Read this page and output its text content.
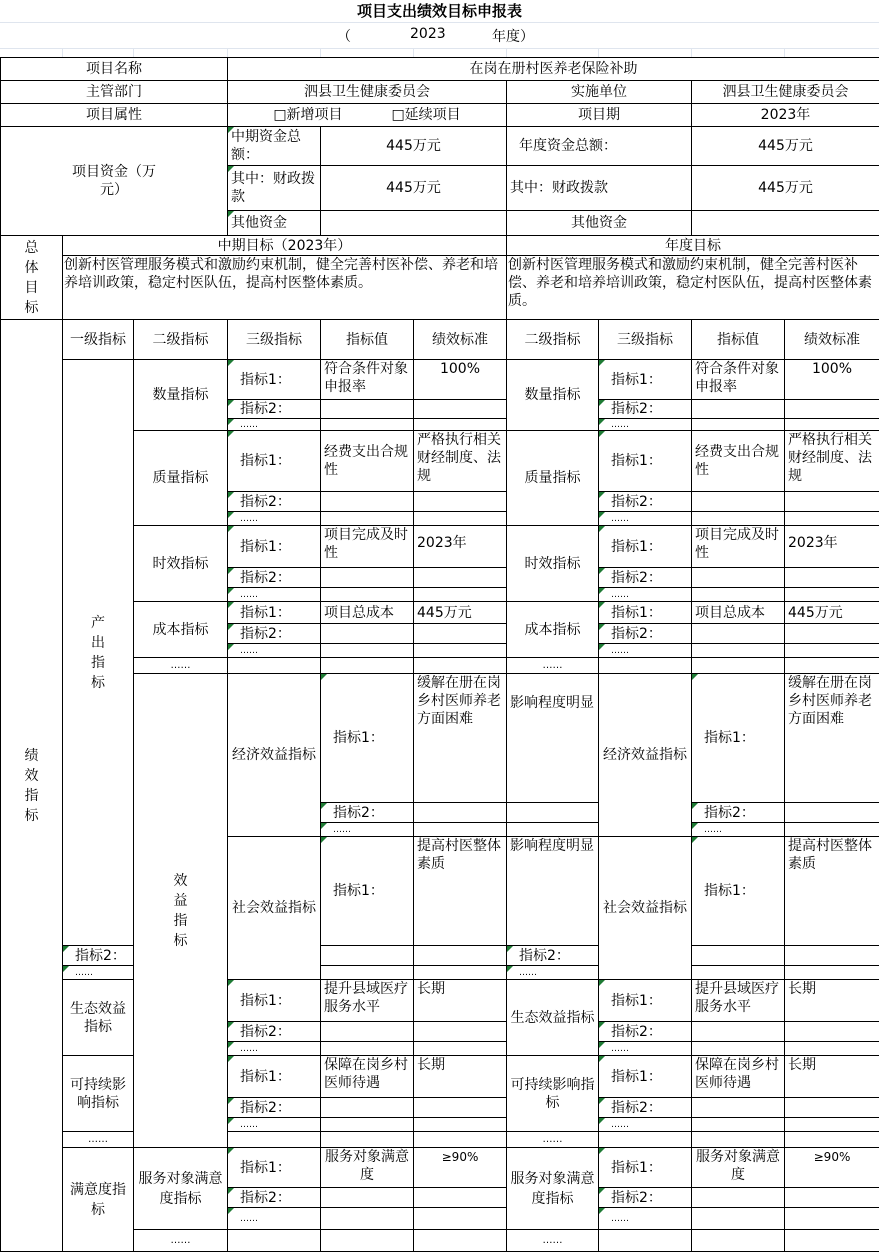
项目支出绩效目标申报表
（	2023	年度）
项目名称			在岗在册村医养老保险补助							
主管部门			泗县卫生健康委员会			实施单位		泗县卫生健康委员会		
项目属性			□新增项目 □延续项目			项目期		2023年		
项目资金（万元）			中期资金总额：	445万元		年度资金总额：		445万元		
			其中：财政拨款	445万元		其中：财政拨款		445万元		
			其他资金			其他资金				
总体目标	中期目标（2023年）					年度目标				
	创新村医管理服务模式和激励约束机制，健全完善村医补偿、养老和培养培训政策，稳定村医队伍，提高村医整体素质。					创新村医管理服务模式和激励约束机制，健全完善村医补偿、养老和培养培训政策，稳定村医队伍，提高村医整体素质。				
绩效指标	一级指标	二级指标	三级指标	指标值	绩效标准	二级指标	三级指标	指标值	绩效标准	
	产出指标	数量指标	指标1：	符合条件对象申报率	100%	数量指标	指标1：	符合条件对象申报率	100%	
			指标2：				指标2：			
			……				……			
		质量指标	指标1：	经费支出合规性	严格执行相关财经制度、法规	质量指标	指标1：	经费支出合规性	严格执行相关财经制度、法规	
			指标2：				指标2：			
			……				……			
		时效指标	指标1：	项目完成及时性	2023年	时效指标	指标1：	项目完成及时性	2023年	
			指标2：				指标2：			
			……				……			
		成本指标	指标1：	项目总成本	445万元	成本指标	指标1：	项目总成本	445万元	
			指标2：				指标2：			
			……				……			
		……				……				
		效益指标	经济效益指标	指标1：	缓解在册在岗乡村医师养老方面困难	影响程度明显	经济效益指标	指标1：	缓解在册在岗乡村医师养老方面困难	
				指标2：				指标2：		
				……				……		
			社会效益指标	指标1：	提高村医整体素质	影响程度明显	社会效益指标	指标1：	提高村医整体素质	
	指标2：					指标2：				
	……					……				
	生态效益指标		指标1：	提升县域医疗服务水平	长期	生态效益指标	指标1：	提升县域医疗服务水平	长期	
			指标2：				指标2：			
			……				……			
	可持续影响指标		指标1：	保障在岗乡村医师待遇	长期	可持续影响指标	指标1：	保障在岗乡村医师待遇	长期	
			指标2：				指标2：			
			……				……			
	……					……				
	满意度指标	服务对象满意度指标	指标1：	服务对象满意度	≥90%	服务对象满意度指标	指标1：	服务对象满意度	≥90%	
			指标2：				指标2：			
			……				……			
		……				……				
